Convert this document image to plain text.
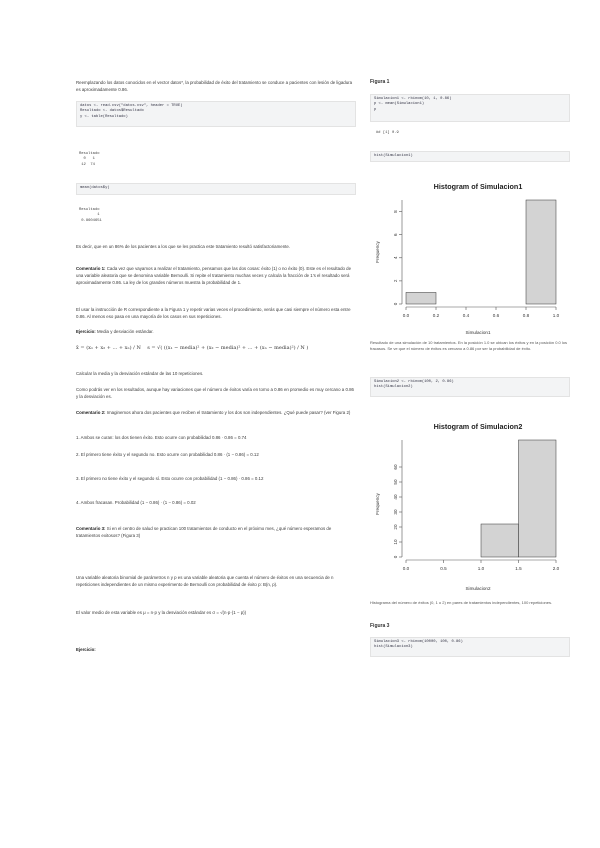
Reemplazando los datos conocidos en el vector datos*, la probabilidad de éxito del tratamiento se conduce a pacientes con lesión de ligadura es aproximadamente 0.86.
datos <- read.csv("datos.csv", header = TRUE)
Resultado <- datos$Resultado
y <- table(Resultado)
Resultado
0   1
12  74
mean(datos$y)
Resultado
1
0.8604651
Es decir, que en un 86% de los pacientes a los que se les practica este tratamiento resultó satisfactoriamente.
Comentario 1: Cada vez que vayamos a realizar el tratamiento, pensamos que las dos cosas: éxito (1) o no éxito (0). Este es el resultado de una variable aleatoria que se denomina variable Bernoulli. Si repite el tratamiento muchas veces y calcula la fracción de 1's el resultado será aproximadamente 0.86. La ley de los grandes números muestra la probabilidad de 1.
El usar la instrucción de R correspondiente a la Figura 1 y repetir varias veces el procedimiento, verás que casi siempre el número esta entre 0.86. Al menos eso pasa en una mayoría de los casos en sus repeticiones.
Ejercicio: Media y desviación estándar.
x̄ = (x₁ + x₂ + ... + xₙ) / N s = √( ((x₁ − media)² + (x₂ − media)² + ... + (xₙ − media)²) / N )
Calcular la media y la desviación estándar de las 10 repeticiones.
Como podrás ver en los resultados, aunque hay variaciones que el número de éxitos varía en torno a 0.86 en promedio es muy cercano a 0.86 y la desviación es.
Comentario 2: Imaginemos ahora dos pacientes que reciben el tratamiento y los dos son independientes. ¿Qué puede pasar? (ver Figura 2)
1. Ambos se curan: los dos tienen éxito. Esto ocurre con probabilidad 0.86 · 0.86 = 0.74
2. El primero tiene éxito y el segundo no. Esto ocurre con probabilidad 0.86 · (1 − 0.86) = 0.12
3. El primero no tiene éxito y el segundo sí. Esto ocurre con probabilidad (1 − 0.86) · 0.86 = 0.12
4. Ambos fracasan. Probabilidad (1 − 0.86) · (1 − 0.86) = 0.02
Comentario 3: Si en el centro de salud se practican 100 tratamientos de conducto en el próximo mes, ¿qué número esperamos de tratamientos exitosos? (Figura 3)
Una variable aleatoria binomial de parámetros n y p es una variable aleatoria que cuenta el número de éxitos en una secuencia de n repeticiones independientes de un mismo experimento de Bernoulli con probabilidad de éxito p: B(n, p).
El valor medio de esta variable es μ = n·p y la desviación estándar es σ = √(n·p·(1 − p))
Ejercicio:
Figura 1
Simulacion1 <- rbinom(10, 1, 0.86)
p <- mean(Simulacion1)
p
## [1] 0.9
hist(Simulacion1)
Histogram of Simulacion1
0.0	0.2	0.4	0.6	0.8	1.0
0
2
4
6
8
Simulacion1
Frequency
Resultado de una simulación de 10 tratamientos. En la posición 1.0 se ubican los éxitos y en la posición 0.0 los fracasos. Se ve que el número de éxitos es cercano a 0.86 por ser la probabilidad de éxito.
Simulacion2 <- rbinom(100, 2, 0.86)
hist(Simulacion2)
Histogram of Simulacion2
0.0	0.5	1.0	1.5	2.0
0
10
20
30
40
50
60
Simulacion2
Frequency
Histograma del número de éxitos (0, 1 o 2) en pares de tratamientos independientes, 100 repeticiones.
Figura 3
Simulacion3 <- rbinom(10000, 100, 0.86)
hist(Simulacion3)
